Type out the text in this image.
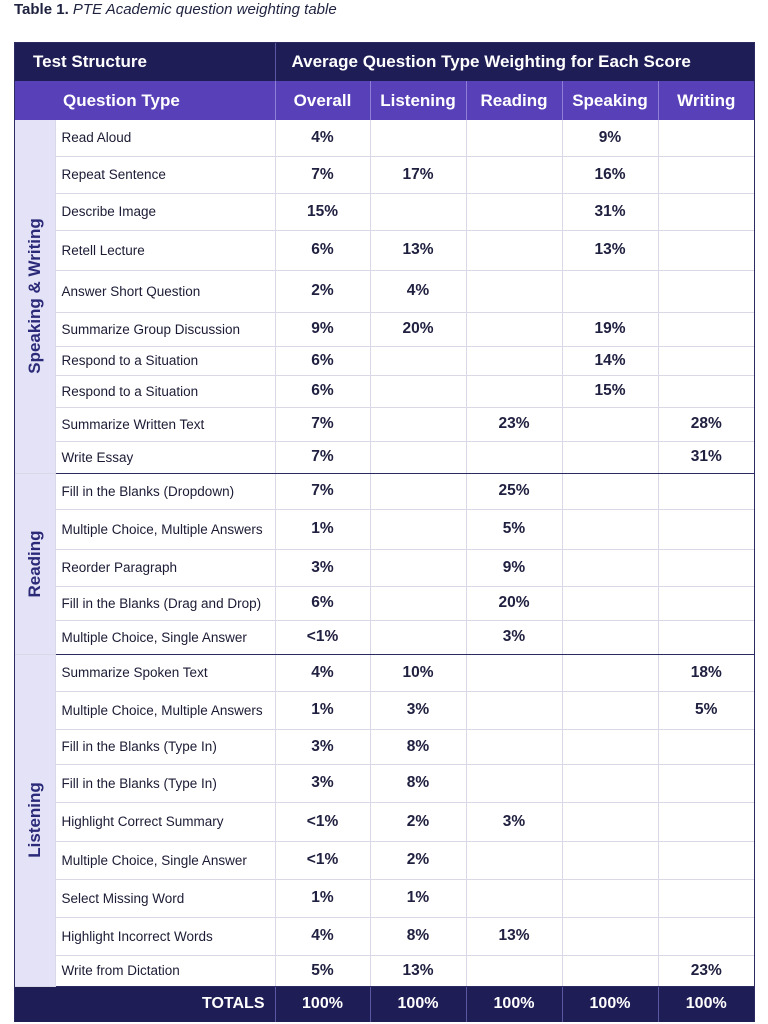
Table 1. PTE Academic question weighting table
Test Structure		Average Question Type Weighting for Each Score				
Question Type		Overall	Listening	Reading	Speaking	Writing

Speaking & Writing	Read Aloud	4%			9%	
	Repeat Sentence	7%	17%		16%	
	Describe Image	15%			31%	
	Retell Lecture	6%	13%		13%	
	Answer Short Question	2%	4%			
	Summarize Group Discussion	9%	20%		19%	
	Respond to a Situation	6%			14%	
	Respond to a Situation	6%			15%	
	Summarize Written Text	7%		23%		28%
	Write Essay	7%				31%

Reading	Fill in the Blanks (Dropdown)	7%		25%		
	Multiple Choice, Multiple Answers	1%		5%		
	Reorder Paragraph	3%		9%		
	Fill in the Blanks (Drag and Drop)	6%		20%		
	Multiple Choice, Single Answer	<1%		3%		

Listening	Summarize Spoken Text	4%	10%			18%
	Multiple Choice, Multiple Answers	1%	3%			5%
	Fill in the Blanks (Type In)	3%	8%			
	Fill in the Blanks (Type In)	3%	8%			
	Highlight Correct Summary	<1%	2%	3%		
	Multiple Choice, Single Answer	<1%	2%			
	Select Missing Word	1%	1%			
	Highlight Incorrect Words	4%	8%	13%		
	Write from Dictation	5%	13%			23%
TOTALS		100%	100%	100%	100%	100%
